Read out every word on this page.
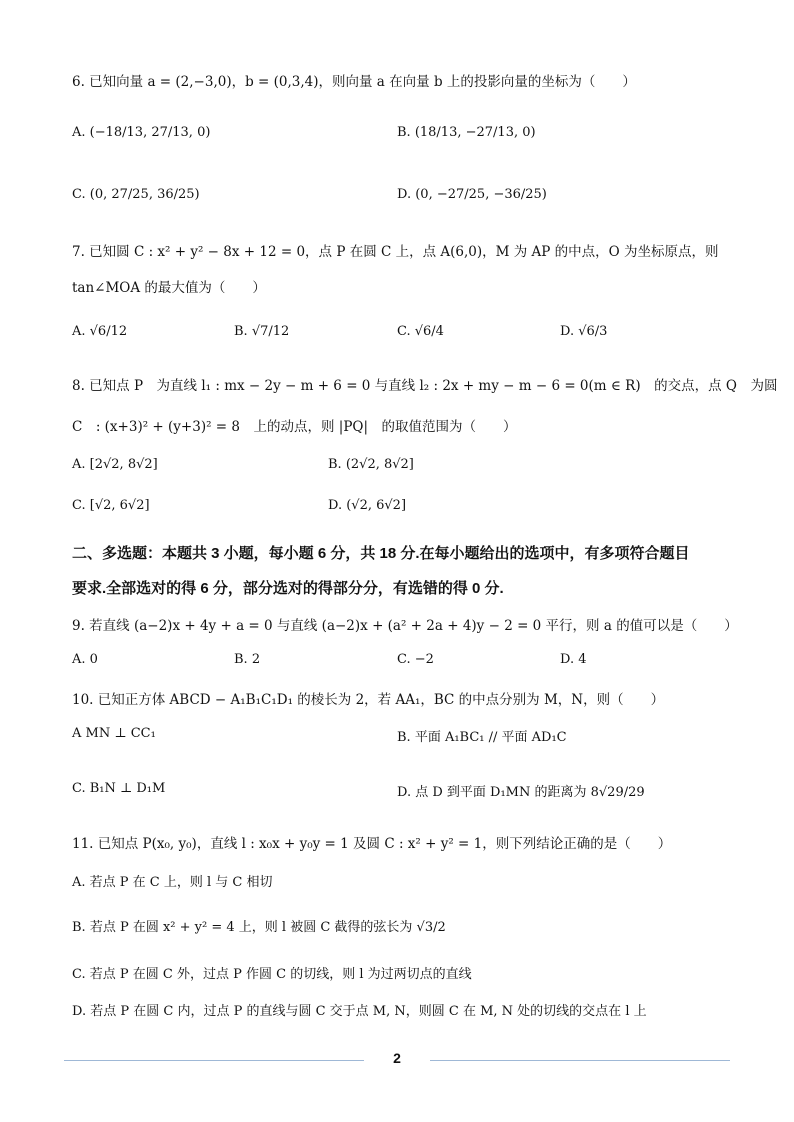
6. 已知向量 a = (2,−3,0)，b = (0,3,4)，则向量 a 在向量 b 上的投影向量的坐标为（　　）
A. (−18/13, 27/13, 0)	B. (18/13, −27/13, 0)
C. (0, 27/25, 36/25)	D. (0, −27/25, −36/25)
7. 已知圆 C : x² + y² − 8x + 12 = 0，点 P 在圆 C 上，点 A(6,0)，M 为 AP 的中点，O 为坐标原点，则
tan∠MOA 的最大值为（　　）
A. √6/12	B. √7/12	C. √6/4	D. √6/3
8. 已知点 P　为直线 l₁ : mx − 2y − m + 6 = 0 与直线 l₂ : 2x + my − m − 6 = 0(m ∈ R)　的交点，点 Q　为圆
C　: (x+3)² + (y+3)² = 8　上的动点，则 |PQ|　的取值范围为（　　）
A. [2√2, 8√2]	B. (2√2, 8√2]
C. [√2, 6√2]	D. (√2, 6√2]
二、多选题：本题共 3 小题，每小题 6 分，共 18 分.在每小题给出的选项中，有多项符合题目
要求.全部选对的得 6 分，部分选对的得部分分，有选错的得 0 分.
9. 若直线 (a−2)x + 4y + a = 0 与直线 (a−2)x + (a² + 2a + 4)y − 2 = 0 平行，则 a 的值可以是（　　）
A. 0	B. 2	C. −2	D. 4
10. 已知正方体 ABCD − A₁B₁C₁D₁ 的棱长为 2，若 AA₁，BC 的中点分别为 M，N，则（　　）
A MN ⊥ CC₁	B. 平面 A₁BC₁ // 平面 AD₁C
C. B₁N ⊥ D₁M	D. 点 D 到平面 D₁MN 的距离为 8√29/29
11. 已知点 P(x₀, y₀)，直线 l : x₀x + y₀y = 1 及圆 C : x² + y² = 1，则下列结论正确的是（　　）
A. 若点 P 在 C 上，则 l 与 C 相切
B. 若点 P 在圆 x² + y² = 4 上，则 l 被圆 C 截得的弦长为 √3/2
C. 若点 P 在圆 C 外，过点 P 作圆 C 的切线，则 l 为过两切点的直线
D. 若点 P 在圆 C 内，过点 P 的直线与圆 C 交于点 M, N，则圆 C 在 M, N 处的切线的交点在 l 上
2
